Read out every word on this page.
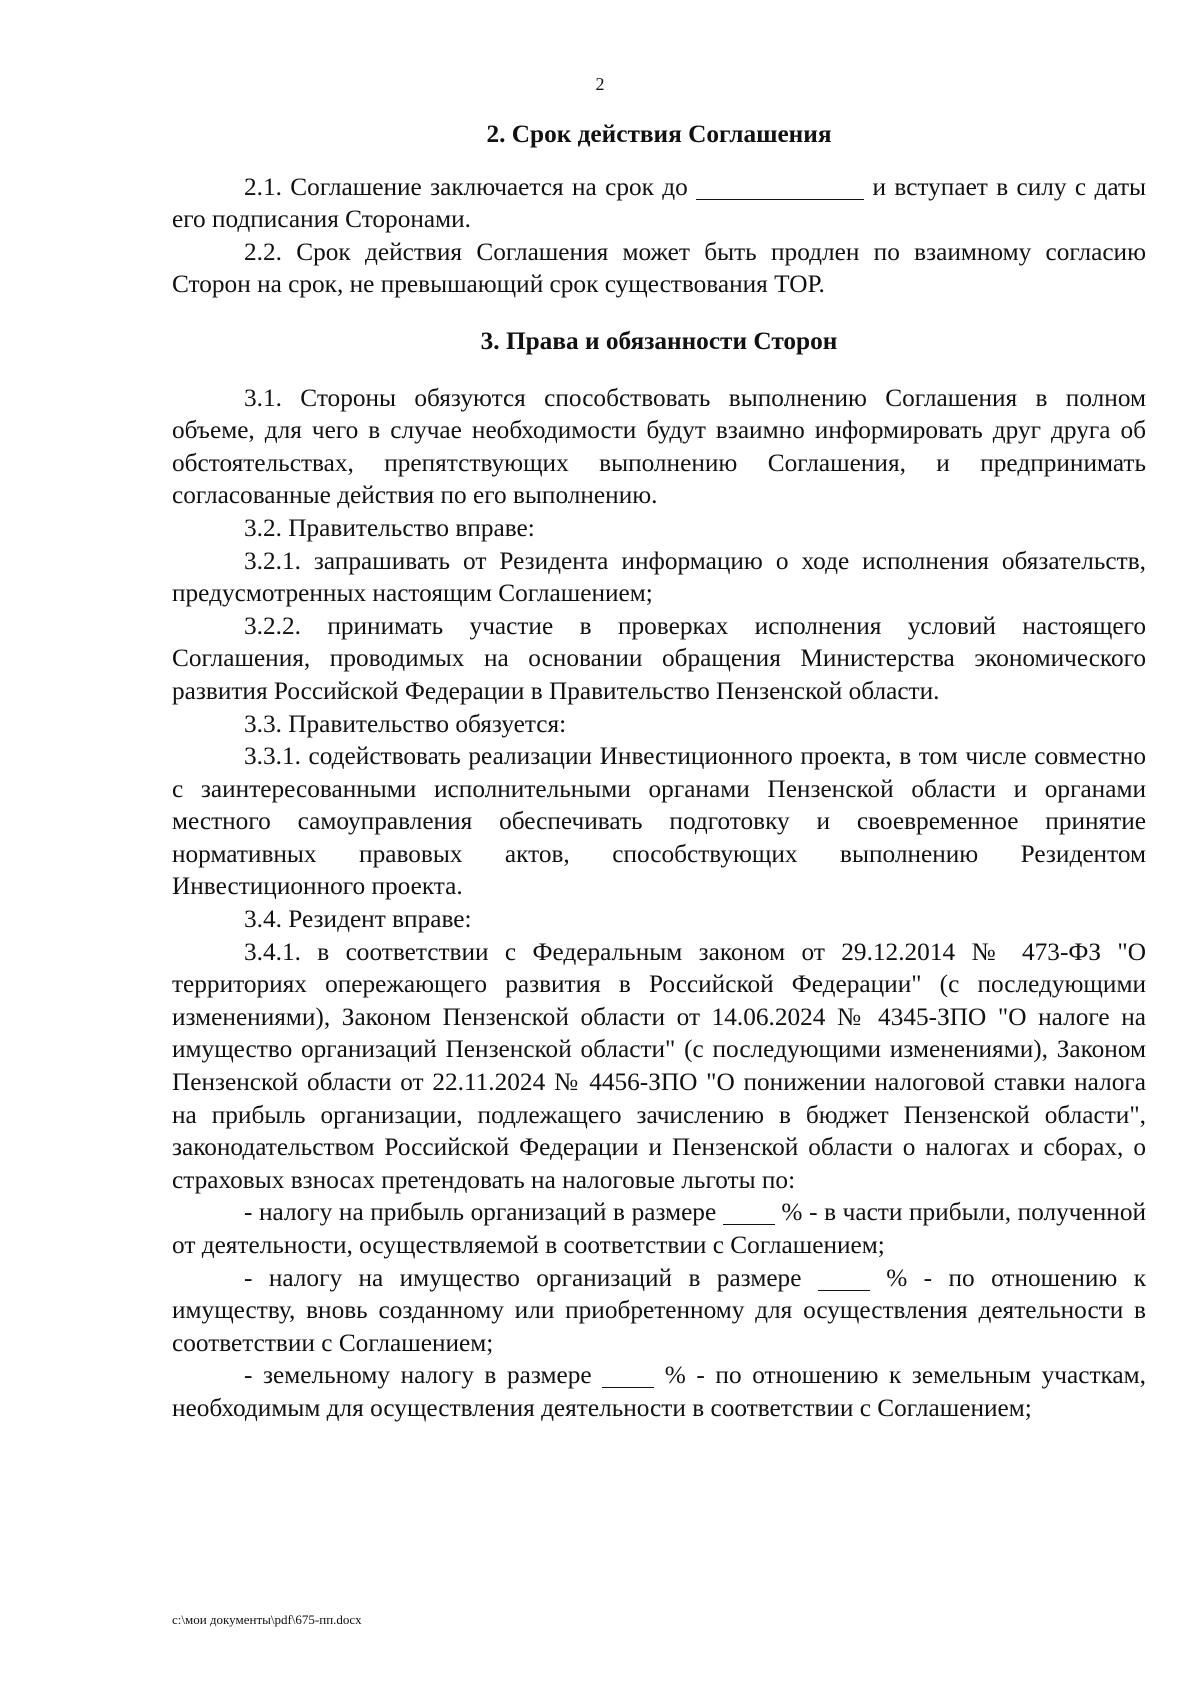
2
2. Срок действия Соглашения

2.1. Соглашение заключается на срок до	и вступает в силу с даты его подписания Сторонами.

2.2. Срок действия Соглашения может быть продлен по взаимному согласию Сторон на срок, не превышающий срок существования ТОР.

3. Права и обязанности Сторон

3.1. Стороны обязуются способствовать выполнению Соглашения в полном объеме, для чего в случае необходимости будут взаимно информировать друг друга об обстоятельствах, препятствующих выполнению Соглашения, и предпринимать согласованные действия по его выполнению.

3.2. Правительство вправе:

3.2.1. запрашивать от Резидента информацию о ходе исполнения обязательств, предусмотренных настоящим Соглашением;

3.2.2. принимать участие в проверках исполнения условий настоящего Соглашения, проводимых на основании обращения Министерства экономического развития Российской Федерации в Правительство Пензенской области.

3.3. Правительство обязуется:

3.3.1. содействовать реализации Инвестиционного проекта, в том числе совместно с заинтересованными исполнительными органами Пензенской области и органами местного самоуправления обеспечивать подготовку и своевременное принятие нормативных правовых актов, способствующих выполнению Резидентом Инвестиционного проекта.

3.4. Резидент вправе:

3.4.1. в соответствии с Федеральным законом от 29.12.2014 № 473-ФЗ "О территориях опережающего развития в Российской Федерации" (с последующими изменениями), Законом Пензенской области от 14.06.2024 № 4345-ЗПО "О налоге на имущество организаций Пензенской области" (с последующими изменениями), Законом Пензенской области от 22.11.2024 № 4456-ЗПО "О понижении налоговой ставки налога на прибыль организации, подлежащего зачислению в бюджет Пензенской области", законодательством Российской Федерации и Пензенской области о налогах и сборах, о страховых взносах претендовать на налоговые льготы по:

- налогу на прибыль организаций в размере  % - в части прибыли, полученной от деятельности, осуществляемой в соответствии с Соглашением;

- налогу на имущество организаций в размере  % - по отношению к имуществу, вновь созданному или приобретенному для осуществления деятельности в соответствии с Соглашением;

- земельному налогу в размере  % - по отношению к земельным участкам, необходимым для осуществления деятельности в соответствии с Соглашением;

c:\мои документы\pdf\675-пп.docx
